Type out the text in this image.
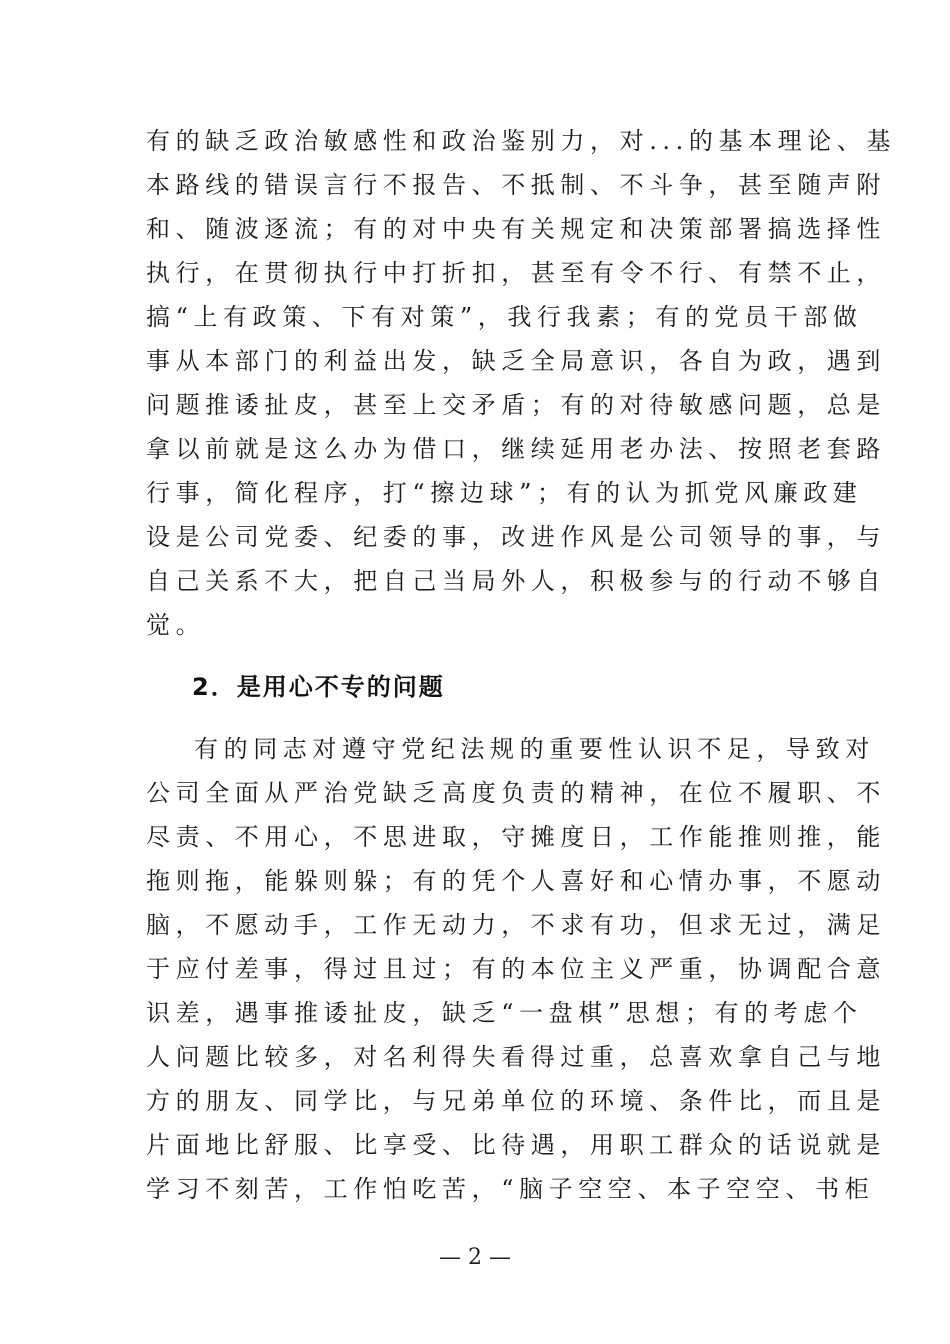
有的缺乏政治敏感性和政治鉴别力，对...的基本理论、基
本路线的错误言行不报告、不抵制、不斗争，甚至随声附
和、随波逐流；有的对中央有关规定和决策部署搞选择性
执行，在贯彻执行中打折扣，甚至有令不行、有禁不止，
搞“上有政策、下有对策”，我行我素；有的党员干部做
事从本部门的利益出发，缺乏全局意识，各自为政，遇到
问题推诿扯皮，甚至上交矛盾；有的对待敏感问题，总是
拿以前就是这么办为借口，继续延用老办法、按照老套路
行事，简化程序，打“擦边球”；有的认为抓党风廉政建
设是公司党委、纪委的事，改进作风是公司领导的事，与
自己关系不大，把自己当局外人，积极参与的行动不够自
觉。
2．是用心不专的问题
有的同志对遵守党纪法规的重要性认识不足，导致对
公司全面从严治党缺乏高度负责的精神，在位不履职、不
尽责、不用心，不思进取，守摊度日，工作能推则推，能
拖则拖，能躲则躲；有的凭个人喜好和心情办事，不愿动
脑，不愿动手，工作无动力，不求有功，但求无过，满足
于应付差事，得过且过；有的本位主义严重，协调配合意
识差，遇事推诿扯皮，缺乏“一盘棋”思想；有的考虑个
人问题比较多，对名利得失看得过重，总喜欢拿自己与地
方的朋友、同学比，与兄弟单位的环境、条件比，而且是
片面地比舒服、比享受、比待遇，用职工群众的话说就是
学习不刻苦，工作怕吃苦，“脑子空空、本子空空、书柜
— 2 —
